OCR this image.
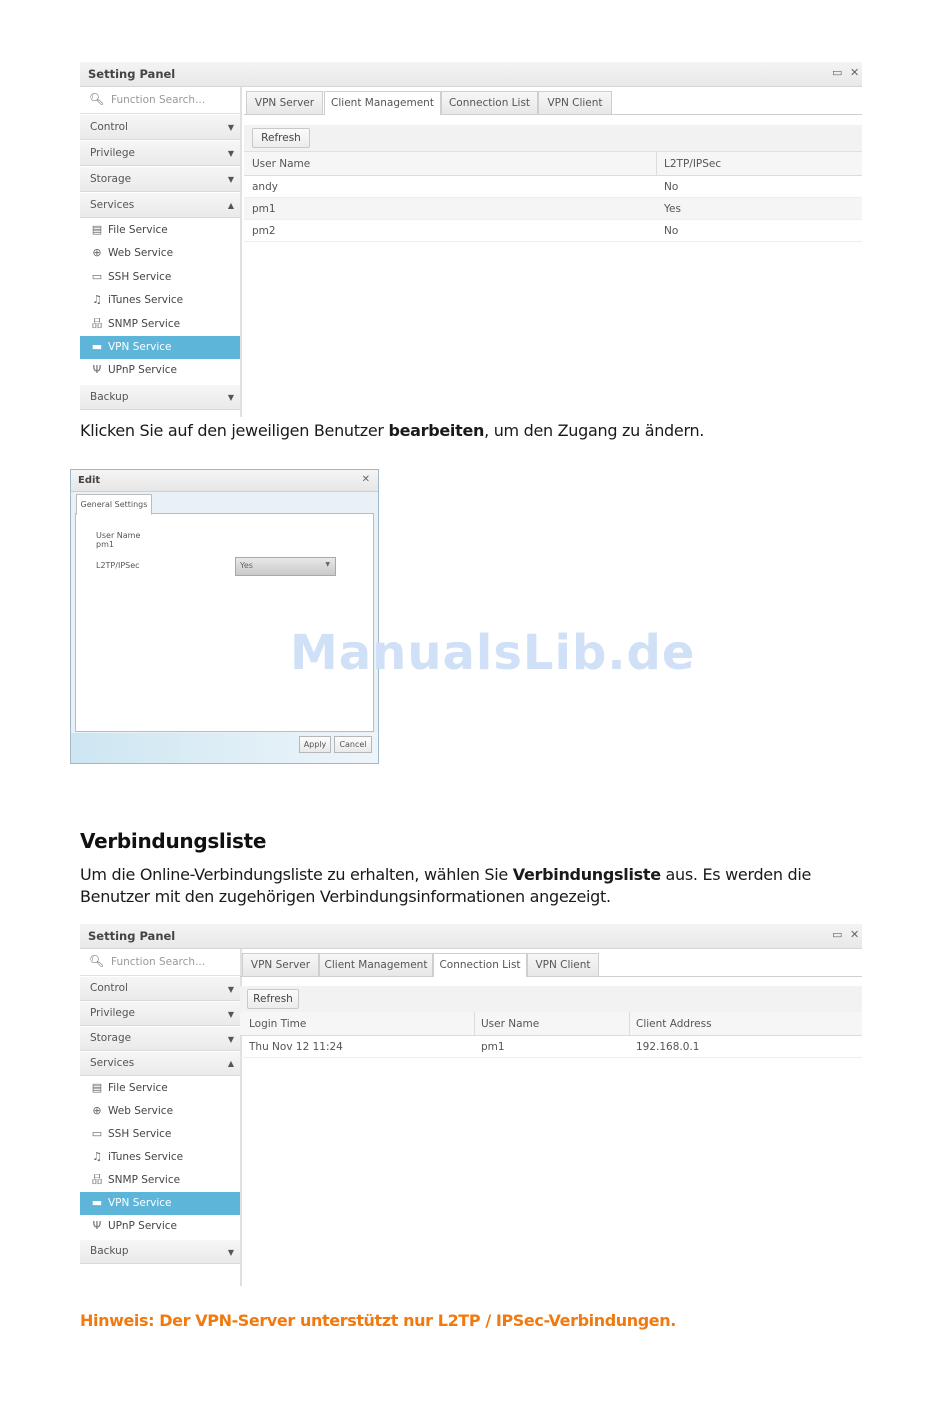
Setting Panel	▭ ✕
🔍︎ Function Search...
Control	▼
Privilege	▼
Storage	▼
Services	▲
▤ File Service
⊕ Web Service
▭ SSH Service
♫ iTunes Service
品 SNMP Service
▬ VPN Service
Ψ UPnP Service
Backup	▼
VPN Server	Client Management	Connection List	VPN Client
Refresh
User Name	L2TP/IPSec
andy	No
pm1	Yes
pm2	No
Klicken Sie auf den jeweiligen Benutzer bearbeiten, um den Zugang zu ändern.
Edit	✕
General Settings
User Name
pm1
L2TP/IPSec	Yes	▼
Apply	Cancel
ManualsLib.de
Verbindungsliste
Um die Online-Verbindungsliste zu erhalten, wählen Sie Verbindungsliste aus. Es werden die
Benutzer mit den zugehörigen Verbindungsinformationen angezeigt.
Setting Panel	▭ ✕
🔍︎ Function Search...
Control	▼
Privilege	▼
Storage	▼
Services	▲
▤ File Service
⊕ Web Service
▭ SSH Service
♫ iTunes Service
品 SNMP Service
▬ VPN Service
Ψ UPnP Service
Backup	▼
VPN Server	Client Management	Connection List	VPN Client
Refresh
Login Time	User Name	Client Address
Thu Nov 12 11:24	pm1	192.168.0.1
Hinweis: Der VPN-Server unterstützt nur L2TP / IPSec-Verbindungen.
